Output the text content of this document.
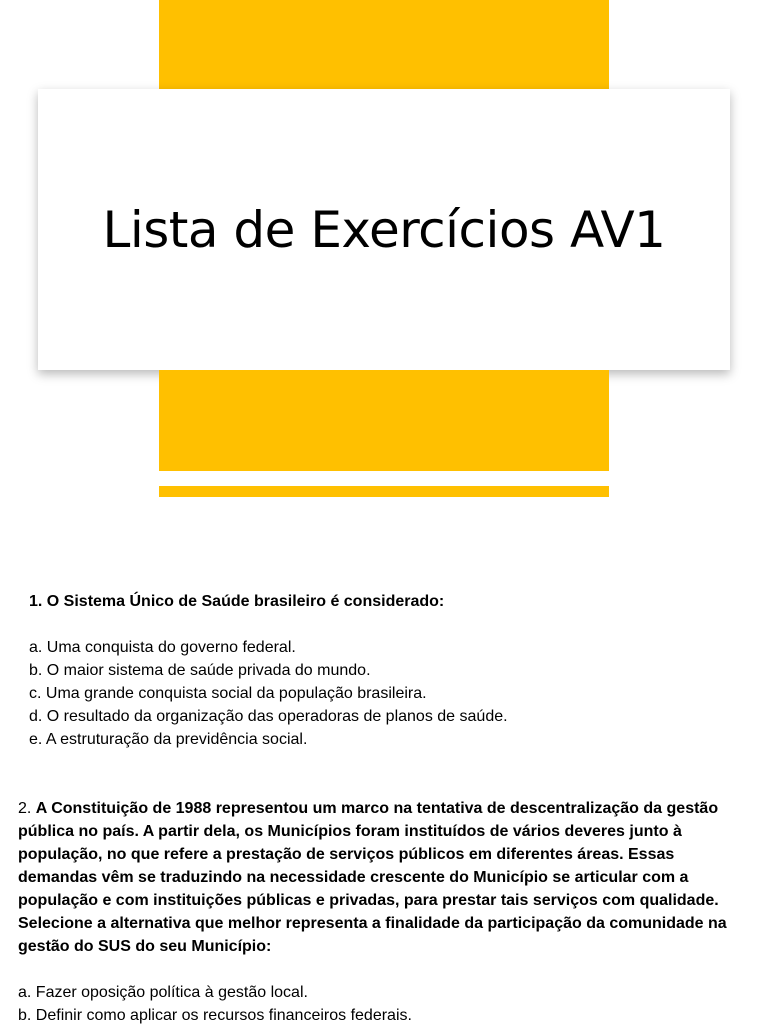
Lista de Exercícios AV1

1. O Sistema Único de Saúde brasileiro é considerado:

a. Uma conquista do governo federal.
b. O maior sistema de saúde privada do mundo.
c. Uma grande conquista social da população brasileira.
d. O resultado da organização das operadoras de planos de saúde.
e. A estruturação da previdência social.

2. A Constituição de 1988 representou um marco na tentativa de descentralização da gestão pública no país. A partir dela, os Municípios foram instituídos de vários deveres junto à população, no que refere a prestação de serviços públicos em diferentes áreas. Essas demandas vêm se traduzindo na necessidade crescente do Município se articular com a população e com instituições públicas e privadas, para prestar tais serviços com qualidade. Selecione a alternativa que melhor representa a finalidade da participação da comunidade na gestão do SUS do seu Município:

a. Fazer oposição política à gestão local.
b. Definir como aplicar os recursos financeiros federais.
